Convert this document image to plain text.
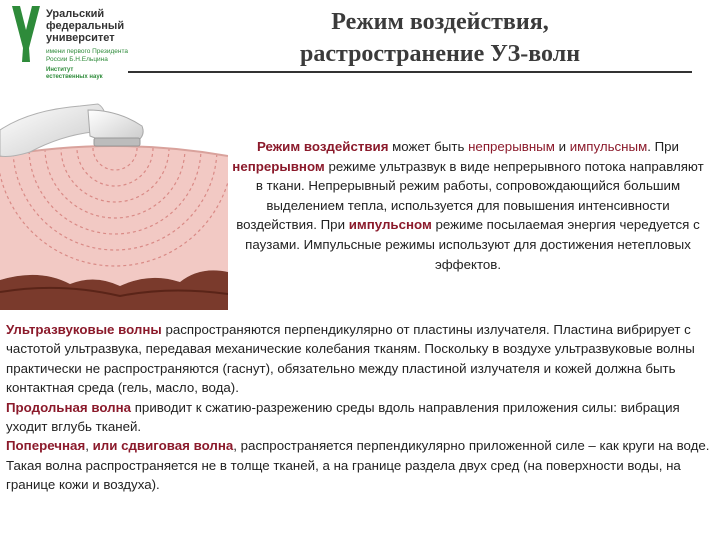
Уральский
федеральный
университет
имени первого Президента
России Б.Н.Ельцина
Институт
естественных наук
Режим воздействия,
растространение УЗ-волн
Режим воздействия может быть непрерывным и импульсным. При непрерывном режиме ультразвук в виде непрерывного потока направляют в ткани. Непрерывный режим работы, сопровождающийся большим выделением тепла, используется для повышения интенсивности воздействия. При импульсном режиме посылаемая энергия чередуется с паузами. Импульсные режимы используют для достижения нетепловых эффектов.

Ультразвуковые волны распространяются перпендикулярно от пластины излучателя. Пластина вибрирует с частотой ультразвука, передавая механические колебания тканям. Поскольку в воздухе ультразвуковые волны практически не распространяются (гаснут), обязательно между пластиной излучателя и кожей должна быть контактная среда (гель, масло, вода).

Продольная волна приводит к сжатию-разрежению среды вдоль направления приложения силы: вибрация уходит вглубь тканей.

Поперечная, или сдвиговая волна, распространяется перпендикулярно приложенной силе – как круги на воде. Такая волна распространяется не в толще тканей, а на границе раздела двух сред (на поверхности воды, на границе кожи и воздуха).
